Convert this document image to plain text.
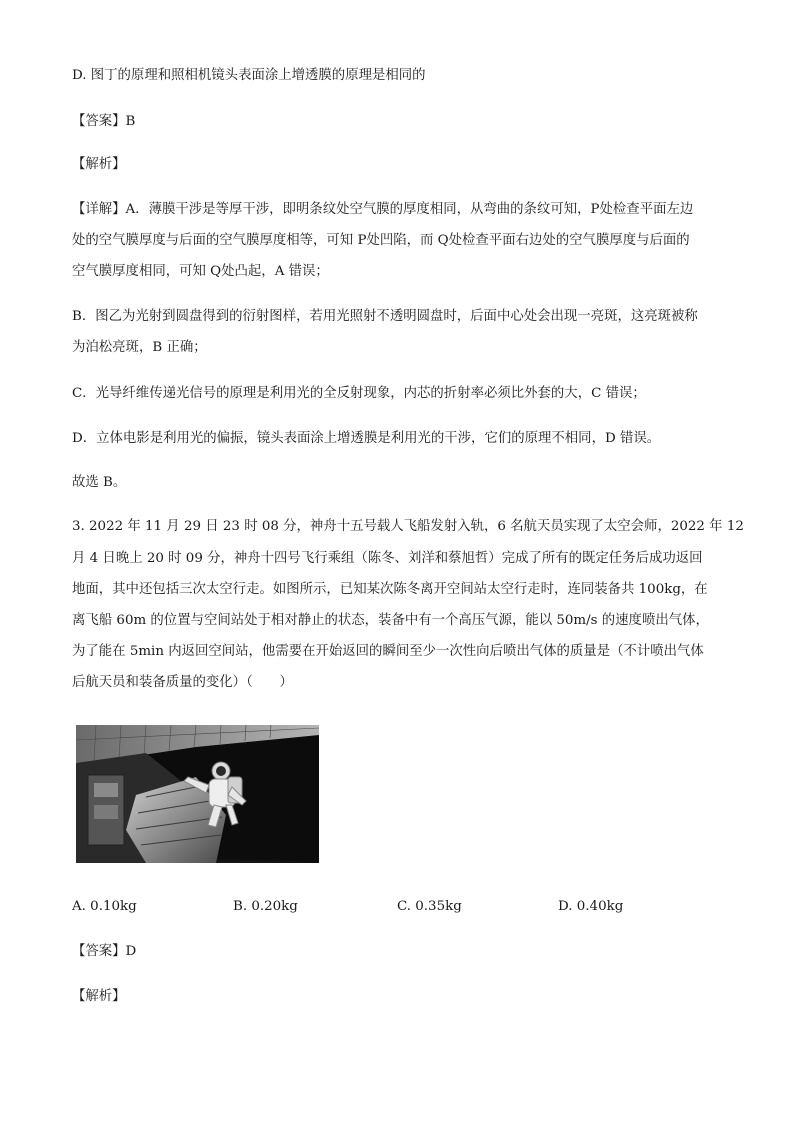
D. 图丁的原理和照相机镜头表面涂上增透膜的原理是相同的
【答案】B
【解析】
【详解】A．薄膜干涉是等厚干涉，即明条纹处空气膜的厚度相同，从弯曲的条纹可知，P处检查平面左边
处的空气膜厚度与后面的空气膜厚度相等，可知 P处凹陷，而 Q处检查平面右边处的空气膜厚度与后面的
空气膜厚度相同，可知 Q处凸起，A 错误；
B．图乙为光射到圆盘得到的衍射图样，若用光照射不透明圆盘时，后面中心处会出现一亮斑，这亮斑被称
为泊松亮斑，B 正确；
C．光导纤维传递光信号的原理是利用光的全反射现象，内芯的折射率必须比外套的大，C 错误；
D．立体电影是利用光的偏振，镜头表面涂上增透膜是利用光的干涉，它们的原理不相同，D 错误。
故选 B。
3. 2022 年 11 月 29 日 23 时 08 分，神舟十五号载人飞船发射入轨，6 名航天员实现了太空会师，2022 年 12
月 4 日晚上 20 时 09 分，神舟十四号飞行乘组（陈冬、刘洋和蔡旭哲）完成了所有的既定任务后成功返回
地面，其中还包括三次太空行走。如图所示，已知某次陈冬离开空间站太空行走时，连同装备共 100kg，在
离飞船 60m 的位置与空间站处于相对静止的状态，装备中有一个高压气源，能以 50m/s 的速度喷出气体，
为了能在 5min 内返回空间站，他需要在开始返回的瞬间至少一次性向后喷出气体的质量是（不计喷出气体
后航天员和装备质量的变化）（　　）
A. 0.10kg	B. 0.20kg	C. 0.35kg	D. 0.40kg
【答案】D
【解析】
